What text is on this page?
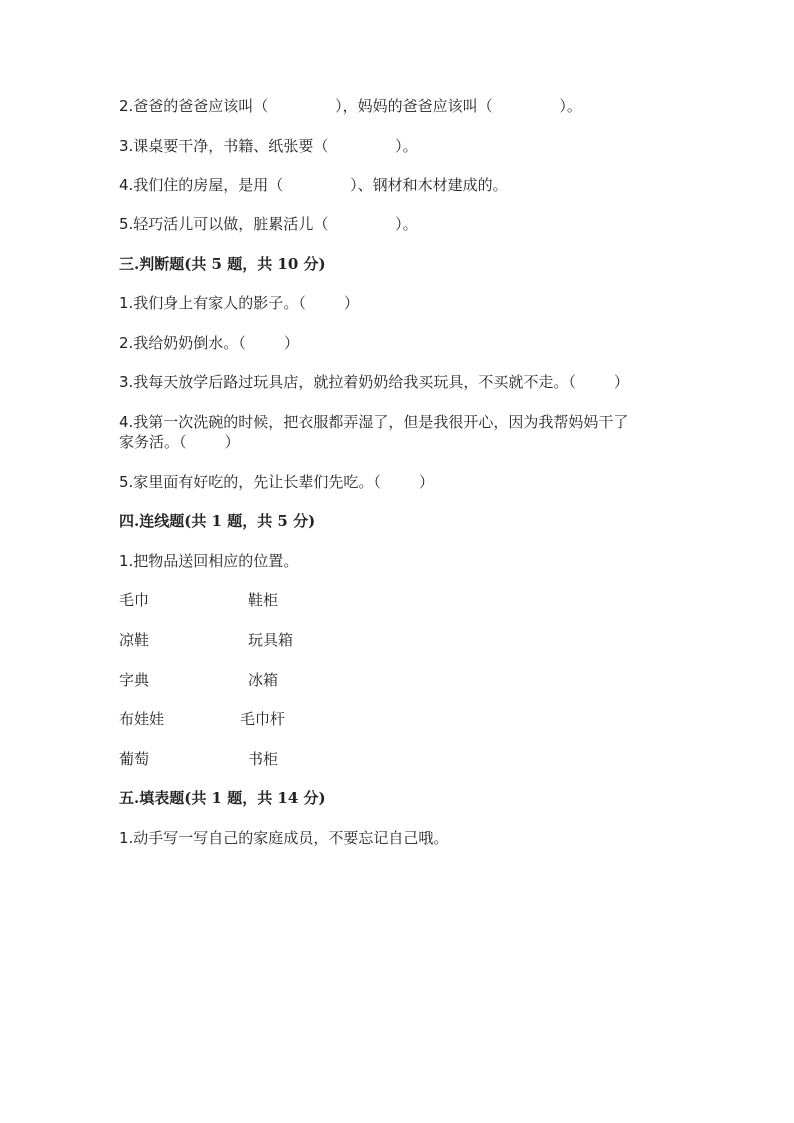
2.爸爸的爸爸应该叫（              ），妈妈的爸爸应该叫（              ）。
3.课桌要干净，书籍、纸张要（              ）。
4.我们住的房屋，是用（              ）、钢材和木材建成的。
5.轻巧活儿可以做，脏累活儿（              ）。
三.判断题(共 5 题，共 10 分)
1.我们身上有家人的影子。（        ）
2.我给奶奶倒水。（        ）
3.我每天放学后路过玩具店，就拉着奶奶给我买玩具，不买就不走。（        ）
4.我第一次洗碗的时候，把衣服都弄湿了，但是我很开心，因为我帮妈妈干了
家务活。（        ）
5.家里面有好吃的，先让长辈们先吃。（        ）
四.连线题(共 1 题，共 5 分)
1.把物品送回相应的位置。
毛巾	鞋柜
凉鞋	玩具箱
字典	冰箱
布娃娃	毛巾杆
葡萄	书柜
五.填表题(共 1 题，共 14 分)
1.动手写一写自己的家庭成员，不要忘记自己哦。
